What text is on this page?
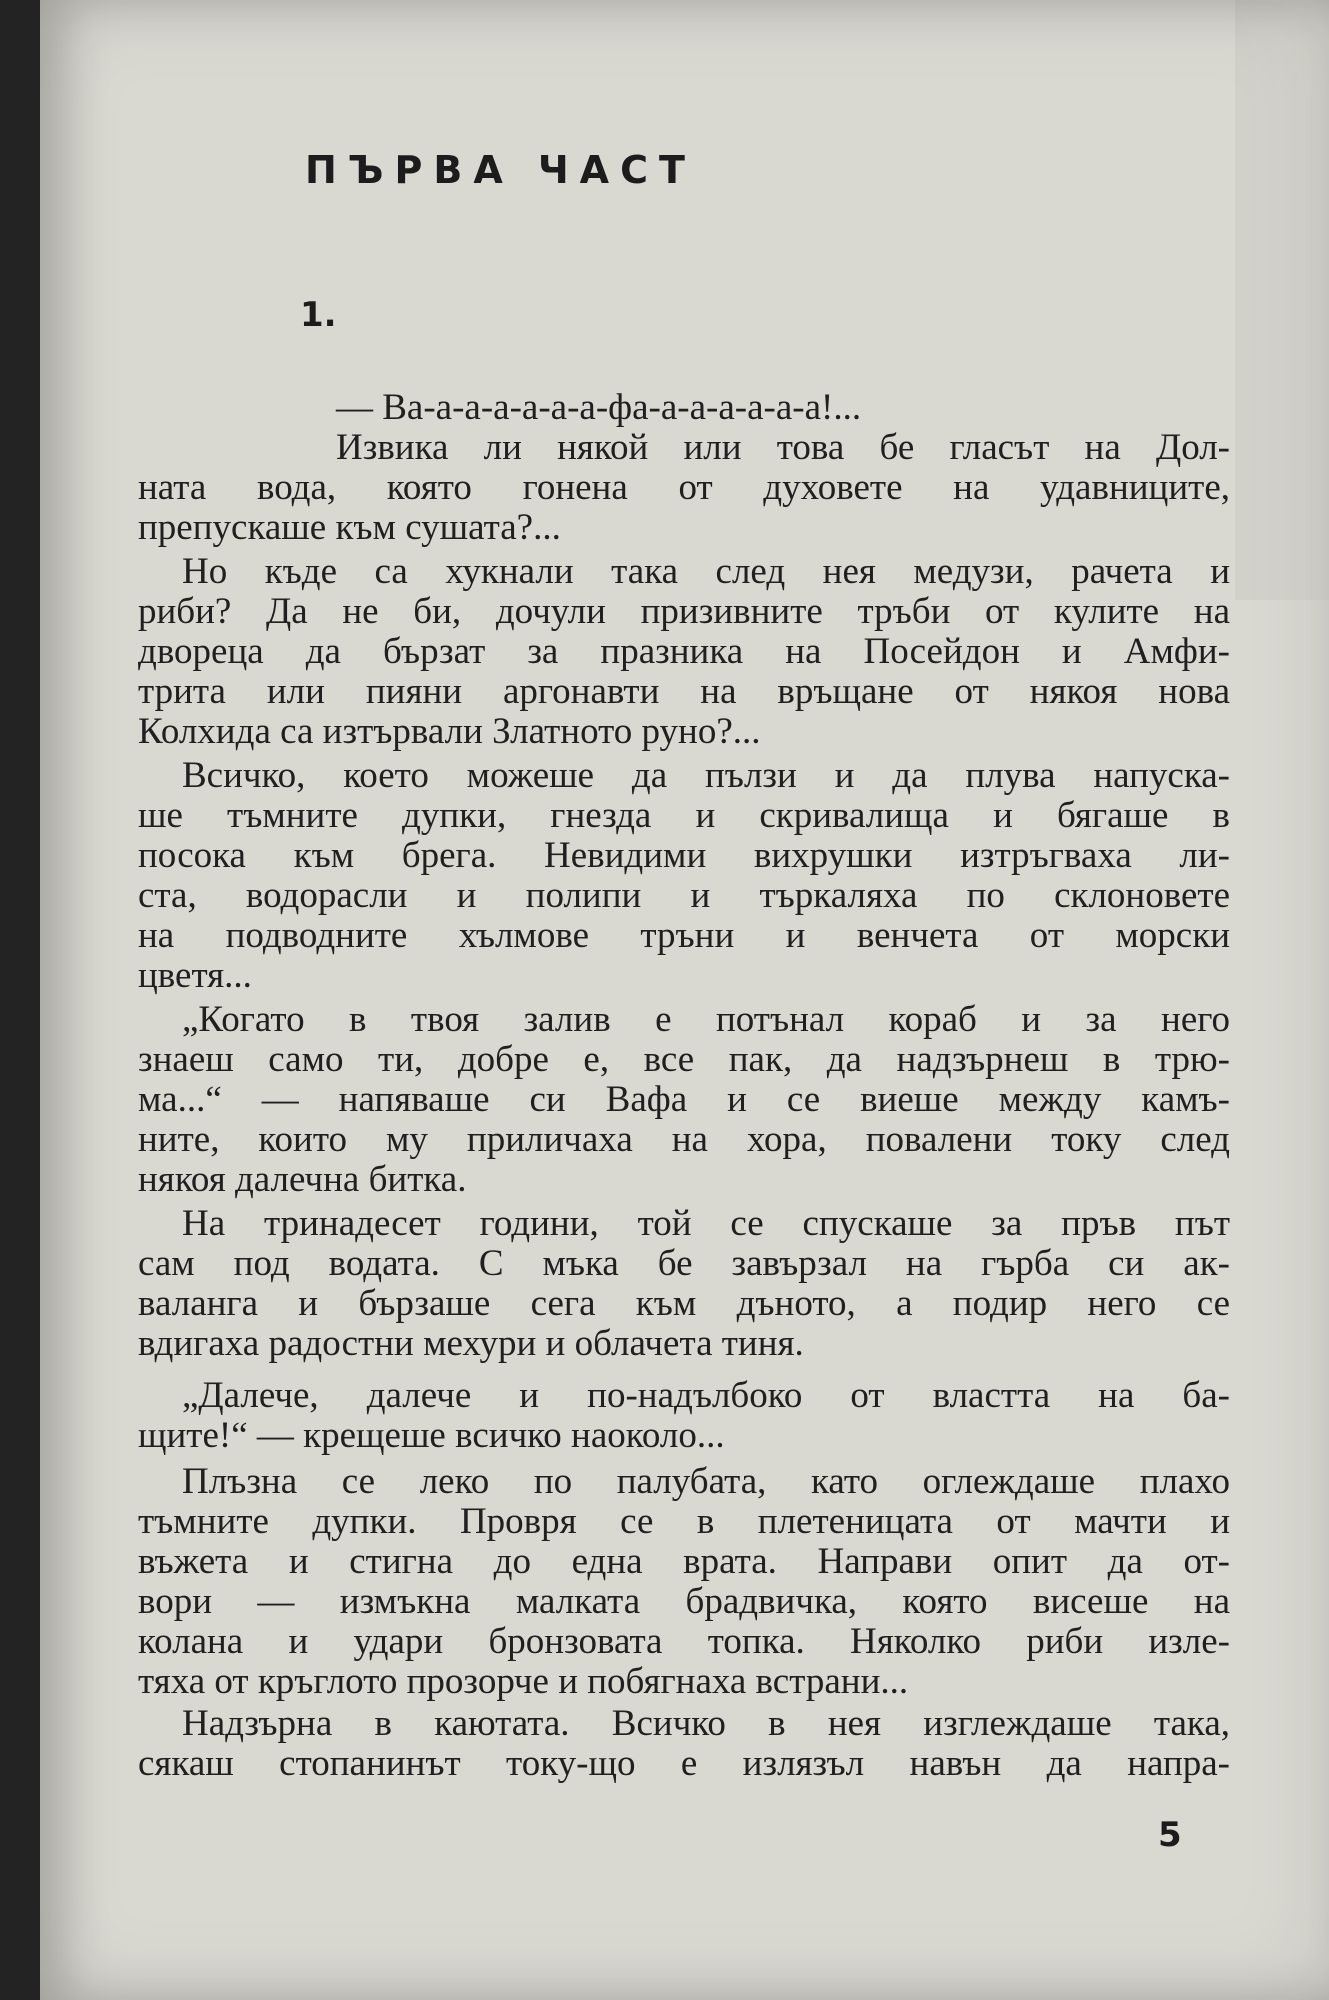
ПЪРВА ЧАСТ
1.
— Ва-а-а-а-а-а-а-фа-а-а-а-а-а-а!...
Извика ли някой или това бе гласът на Дол-
ната вода, която гонена от духовете на удавниците,
препускаше към сушата?...
Но къде са хукнали така след нея медузи, рачета и
риби? Да не би, дочули призивните тръби от кулите на
двореца да бързат за празника на Посейдон и Амфи-
трита или пияни аргонавти на връщане от някоя нова
Колхида са изтървали Златното руно?...
Всичко, което можеше да пълзи и да плува напуска-
ше тъмните дупки, гнезда и скривалища и бягаше в
посока към брега. Невидими вихрушки изтръгваха ли-
ста, водорасли и полипи и търкаляха по склоновете
на подводните хълмове тръни и венчета от морски
цветя...
„Когато в твоя залив е потънал кораб и за него
знаеш само ти, добре е, все пак, да надзърнеш в трю-
ма...“ — напяваше си Вафа и се виеше между камъ-
ните, които му приличаха на хора, повалени току след
някоя далечна битка.
На тринадесет години, той се спускаше за пръв път
сам под водата. С мъка бе завързал на гърба си ак-
валанга и бързаше сега към дъното, а подир него се
вдигаха радостни мехури и облачета тиня.
„Далече, далече и по-надълбоко от властта на ба-
щите!“ — крещеше всичко наоколо...
Плъзна се леко по палубата, като оглеждаше плахо
тъмните дупки. Провря се в плетеницата от мачти и
въжета и стигна до една врата. Направи опит да от-
вори — измъкна малката брадвичка, която висеше на
колана и удари бронзовата топка. Няколко риби изле-
тяха от кръглото прозорче и побягнаха встрани...
Надзърна в каютата. Всичко в нея изглеждаше така,
сякаш стопанинът току-що е излязъл навън да напра-
5
